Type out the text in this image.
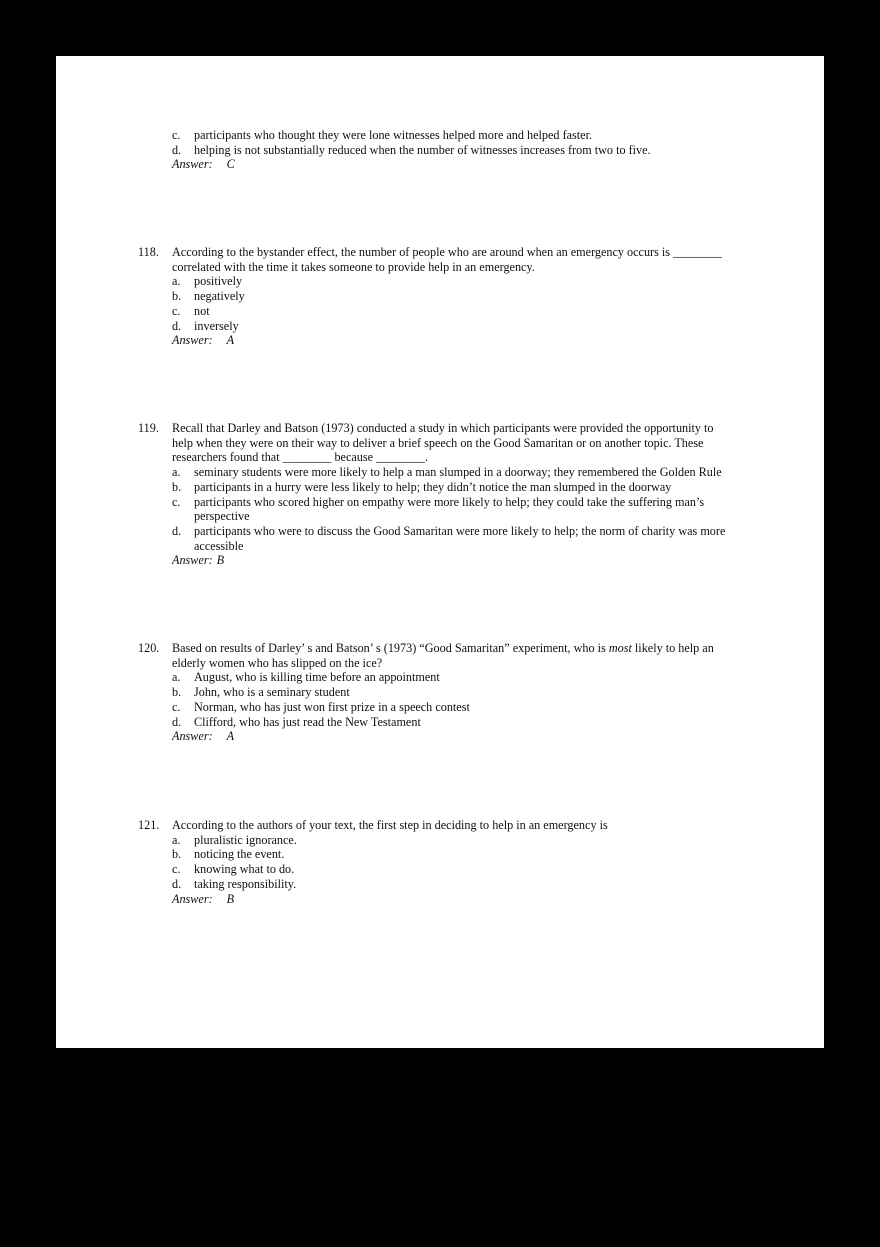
c. participants who thought they were lone witnesses helped more and helped faster.
d. helping is not substantially reduced when the number of witnesses increases from two to five.
Answer: C
118. According to the bystander effect, the number of people who are around when an emergency occurs is ________
correlated with the time it takes someone to provide help in an emergency.
a. positively
b. negatively
c. not
d. inversely
Answer: A
119. Recall that Darley and Batson (1973) conducted a study in which participants were provided the opportunity to
help when they were on their way to deliver a brief speech on the Good Samaritan or on another topic. These
researchers found that ________ because ________.
a. seminary students were more likely to help a man slumped in a doorway; they remembered the Golden Rule
b. participants in a hurry were less likely to help; they didn’t notice the man slumped in the doorway
c. participants who scored higher on empathy were more likely to help; they could take the suffering man’s
perspective
d. participants who were to discuss the Good Samaritan were more likely to help; the norm of charity was more
accessible
Answer: B
120. Based on results of Darley’ s and Batson’ s (1973) “Good Samaritan” experiment, who is most likely to help an
elderly women who has slipped on the ice?
a. August, who is killing time before an appointment
b. John, who is a seminary student
c. Norman, who has just won first prize in a speech contest
d. Clifford, who has just read the New Testament
Answer: A
121. According to the authors of your text, the first step in deciding to help in an emergency is
a. pluralistic ignorance.
b. noticing the event.
c. knowing what to do.
d. taking responsibility.
Answer: B
